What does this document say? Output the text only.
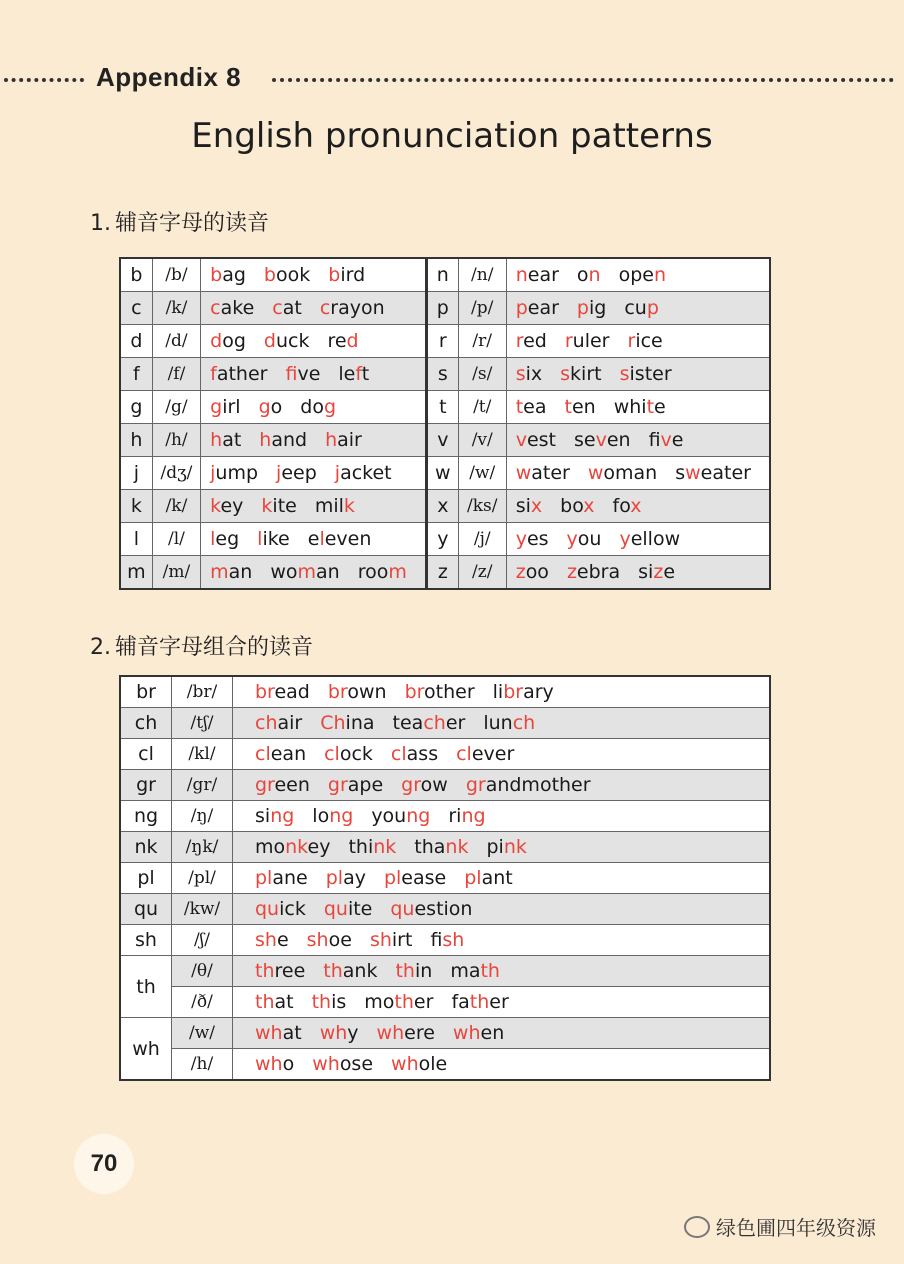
Appendix 8
English pronunciation patterns
1. 辅音字母的读音
b	/b/	bag book bird	n	/n/	near on open
c	/k/	cake cat crayon	p	/p/	pear pig cup
d	/d/	dog duck red	r	/r/	red ruler rice
f	/f/	father five left	s	/s/	six skirt sister
g	/g/	girl go dog	t	/t/	tea ten white
h	/h/	hat hand hair	v	/v/	vest seven five
j	/dʒ/	jump jeep jacket	w	/w/	water woman sweater
k	/k/	key kite milk	x	/ks/	six box fox
l	/l/	leg like eleven	y	/j/	yes you yellow
m	/m/	man woman room	z	/z/	zoo zebra size
2. 辅音字母组合的读音
br	/br/	bread brown brother library
ch	/tʃ/	chair China teacher lunch
cl	/kl/	clean clock class clever
gr	/gr/	green grape grow grandmother
ng	/ŋ/	sing long young ring
nk	/ŋk/	monkey think thank pink
pl	/pl/	plane play please plant
qu	/kw/	quick quite question
sh	/ʃ/	she shoe shirt fish
th	/θ/	three thank thin math
	/ð/	that this mother father
wh	/w/	what why where when
	/h/	who whose whole
70
绿色圃四年级资源
